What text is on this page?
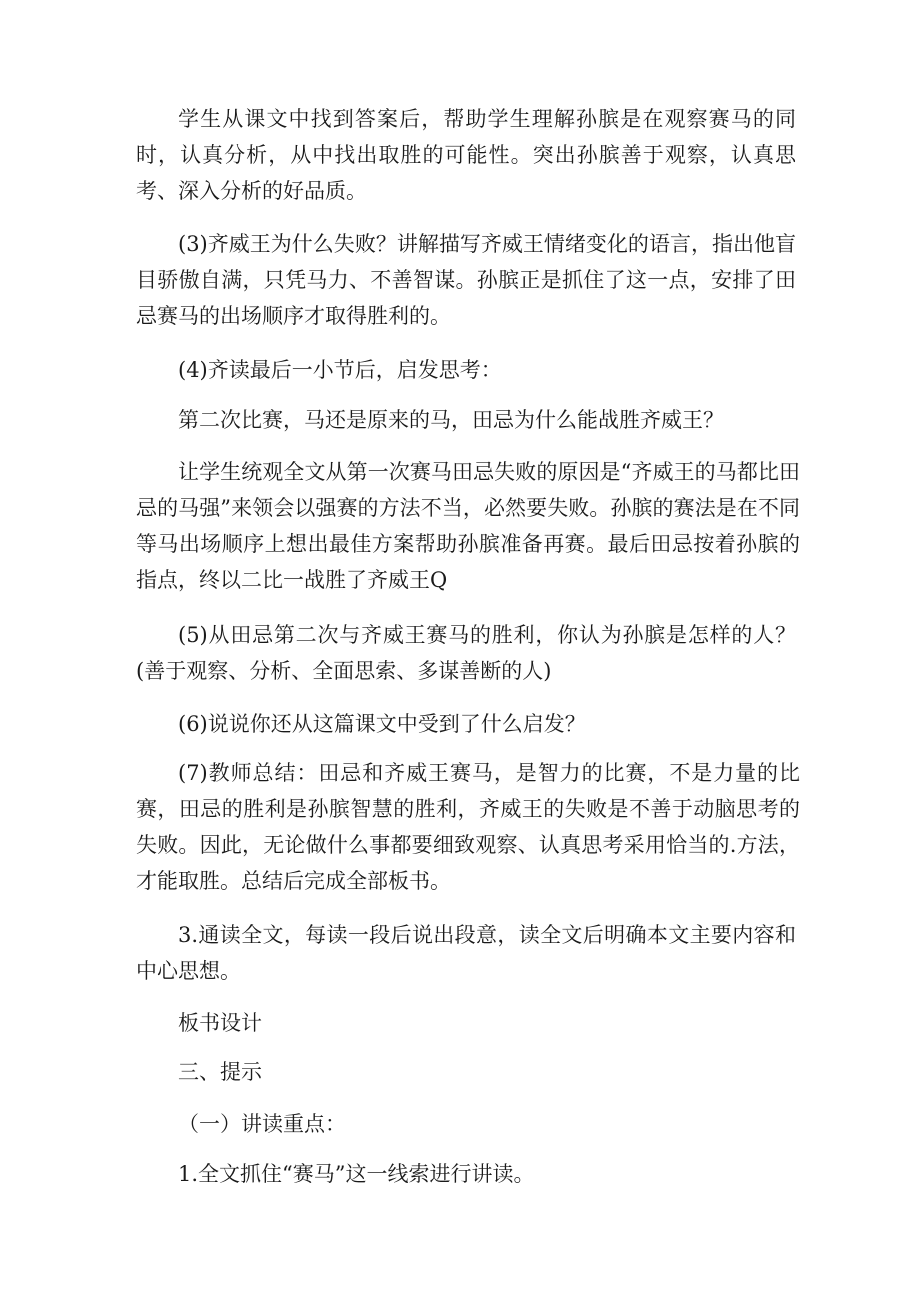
学生从课文中找到答案后，帮助学生理解孙膑是在观察赛马的同时，认真分析，从中找出取胜的可能性。突出孙膑善于观察，认真思考、深入分析的好品质。

(3)齐威王为什么失败？讲解描写齐威王情绪变化的语言，指出他盲目骄傲自满，只凭马力、不善智谋。孙膑正是抓住了这一点，安排了田忌赛马的出场顺序才取得胜利的。

(4)齐读最后一小节后，启发思考：

第二次比赛，马还是原来的马，田忌为什么能战胜齐威王？

让学生统观全文从第一次赛马田忌失败的原因是“齐威王的马都比田忌的马强”来领会以强赛的方法不当，必然要失败。孙膑的赛法是在不同等马出场顺序上想出最佳方案帮助孙膑准备再赛。最后田忌按着孙膑的指点，终以二比一战胜了齐威王Q

(5)从田忌第二次与齐威王赛马的胜利，你认为孙膑是怎样的人？(善于观察、分析、全面思索、多谋善断的人)

(6)说说你还从这篇课文中受到了什么启发？

(7)教师总结：田忌和齐威王赛马，是智力的比赛，不是力量的比赛，田忌的胜利是孙膑智慧的胜利，齐威王的失败是不善于动脑思考的失败。因此，无论做什么事都要细致观察、认真思考采用恰当的.方法，才能取胜。总结后完成全部板书。

3.通读全文，每读一段后说出段意，读全文后明确本文主要内容和中心思想。

板书设计

三、提示

（一）讲读重点：

1.全文抓住“赛马”这一线索进行讲读。
